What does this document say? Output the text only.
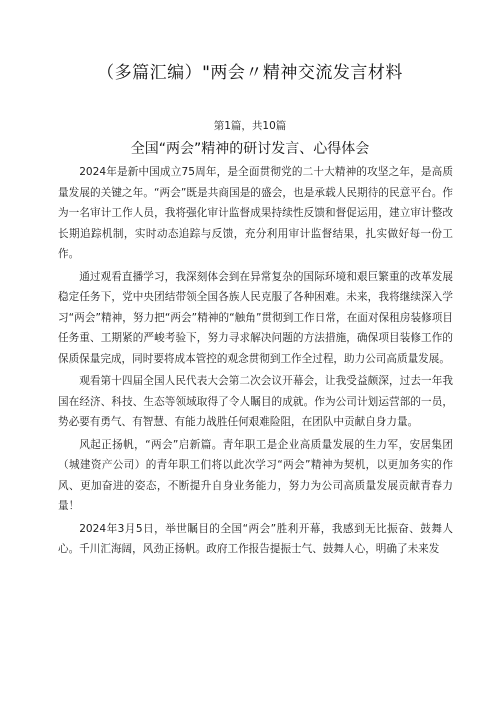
（多篇汇编）"两会〃精神交流发言材料
第1篇，共10篇
全国“两会”精神的研讨发言、心得体会

2024年是新中国成立75周年，是全面贯彻党的二十大精神的攻坚之年，是高质量发展的关键之年。“两会”既是共商国是的盛会，也是承载人民期待的民意平台。作为一名审计工作人员，我将强化审计监督成果持续性反馈和督促运用，建立审计整改长期追踪机制，实时动态追踪与反馈，充分利用审计监督结果，扎实做好每一份工作。

通过观看直播学习，我深刻体会到在异常复杂的国际环境和艰巨繁重的改革发展稳定任务下，党中央团结带领全国各族人民克服了各种困难。未来，我将继续深入学习“两会”精神，努力把“两会”精神的“触角”贯彻到工作日常，在面对保租房装修项目任务重、工期紧的严峻考验下，努力寻求解决问题的方法措施，确保项目装修工作的保质保量完成，同时要将成本管控的观念贯彻到工作全过程，助力公司高质量发展。

观看第十四届全国人民代表大会第二次会议开幕会，让我受益颇深，过去一年我国在经济、科技、生态等领域取得了令人瞩目的成就。作为公司计划运营部的一员，势必要有勇气、有智慧、有能力战胜任何艰难险阻，在团队中贡献自身力量。

风起正扬帆，“两会”启新篇。青年职工是企业高质量发展的生力军，安居集团（城建资产公司）的青年职工们将以此次学习“两会”精神为契机，以更加务实的作风、更加奋进的姿态，不断提升自身业务能力，努力为公司高质量发展贡献青春力量！

2024年3月5日，举世瞩目的全国“两会”胜利开幕，我感到无比振奋、鼓舞人心。千川汇海阔，风劲正扬帆。政府工作报告提振士气、鼓舞人心，明确了未来发
